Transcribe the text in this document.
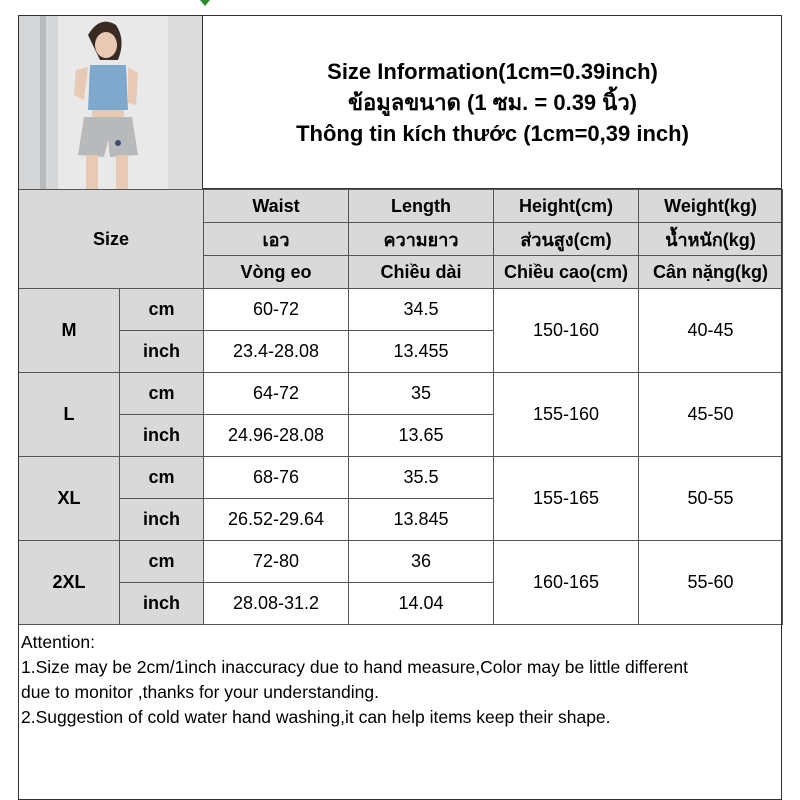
Size Information(1cm=0.39inch)
ข้อมูลขนาด (1 ซม. = 0.39 นิ้ว)
Thông tin kích thước (1cm=0,39 inch)
Size		Waist	Length	Height(cm)	Weight(kg)
		เอว	ความยาว	ส่วนสูง(cm)	น้ำหนัก(kg)
		Vòng eo	Chiều dài	Chiều cao(cm)	Cân nặng(kg)
M	cm	60-72	34.5	150-160	40-45
	inch	23.4-28.08	13.455		
L	cm	64-72	35	155-160	45-50
	inch	24.96-28.08	13.65		
XL	cm	68-76	35.5	155-165	50-55
	inch	26.52-29.64	13.845		
2XL	cm	72-80	36	160-165	55-60
	inch	28.08-31.2	14.04		
Attention:
1.Size may be 2cm/1inch inaccuracy due to hand measure,Color may be little different
due to monitor ,thanks for your understanding.
2.Suggestion of cold water hand washing,it can help items keep their shape.
